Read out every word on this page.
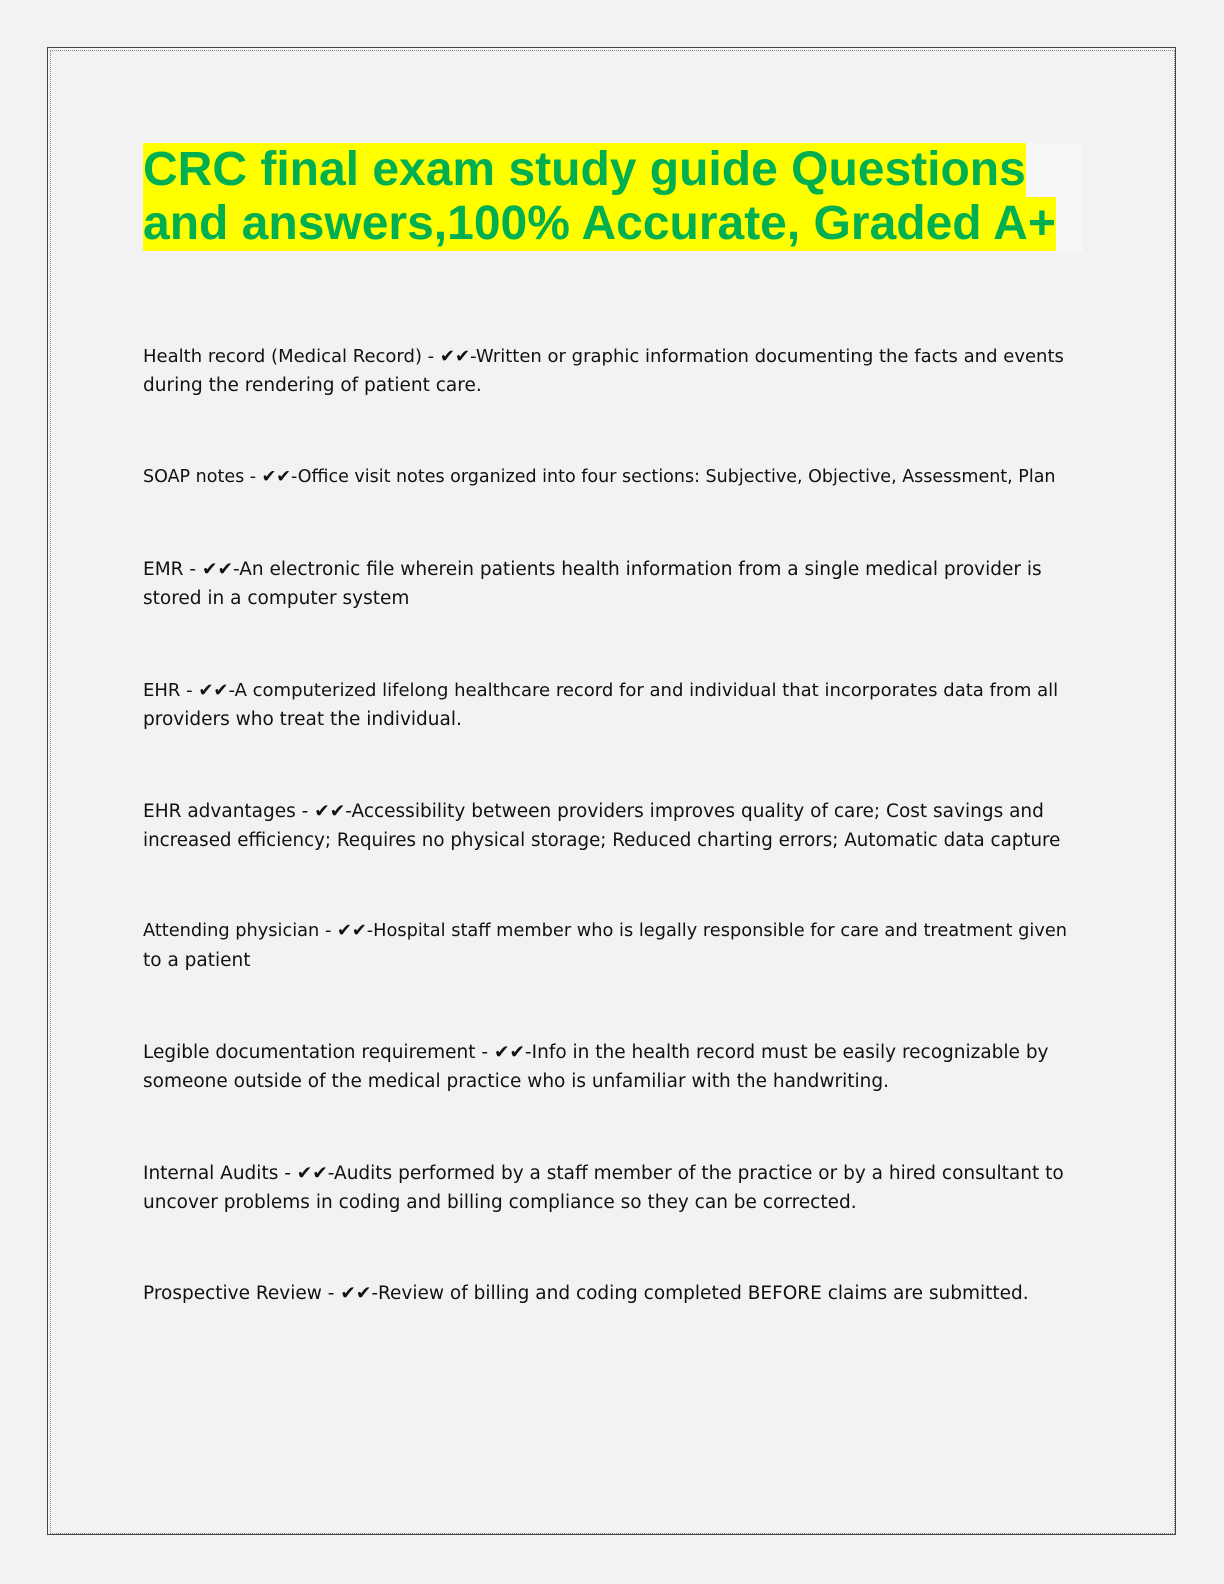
CRC final exam study guide Questions
and answers,100% Accurate, Graded A+
Health record (Medical Record) - ✔✔-Written or graphic information documenting the facts and events
during the rendering of patient care.
SOAP notes - ✔✔-Office visit notes organized into four sections: Subjective, Objective, Assessment, Plan
EMR - ✔✔-An electronic file wherein patients health information from a single medical provider is
stored in a computer system
EHR - ✔✔-A computerized lifelong healthcare record for and individual that incorporates data from all
providers who treat the individual.
EHR advantages - ✔✔-Accessibility between providers improves quality of care; Cost savings and
increased efficiency; Requires no physical storage; Reduced charting errors; Automatic data capture
Attending physician - ✔✔-Hospital staff member who is legally responsible for care and treatment given
to a patient
Legible documentation requirement - ✔✔-Info in the health record must be easily recognizable by
someone outside of the medical practice who is unfamiliar with the handwriting.
Internal Audits - ✔✔-Audits performed by a staff member of the practice or by a hired consultant to
uncover problems in coding and billing compliance so they can be corrected.
Prospective Review - ✔✔-Review of billing and coding completed BEFORE claims are submitted.
